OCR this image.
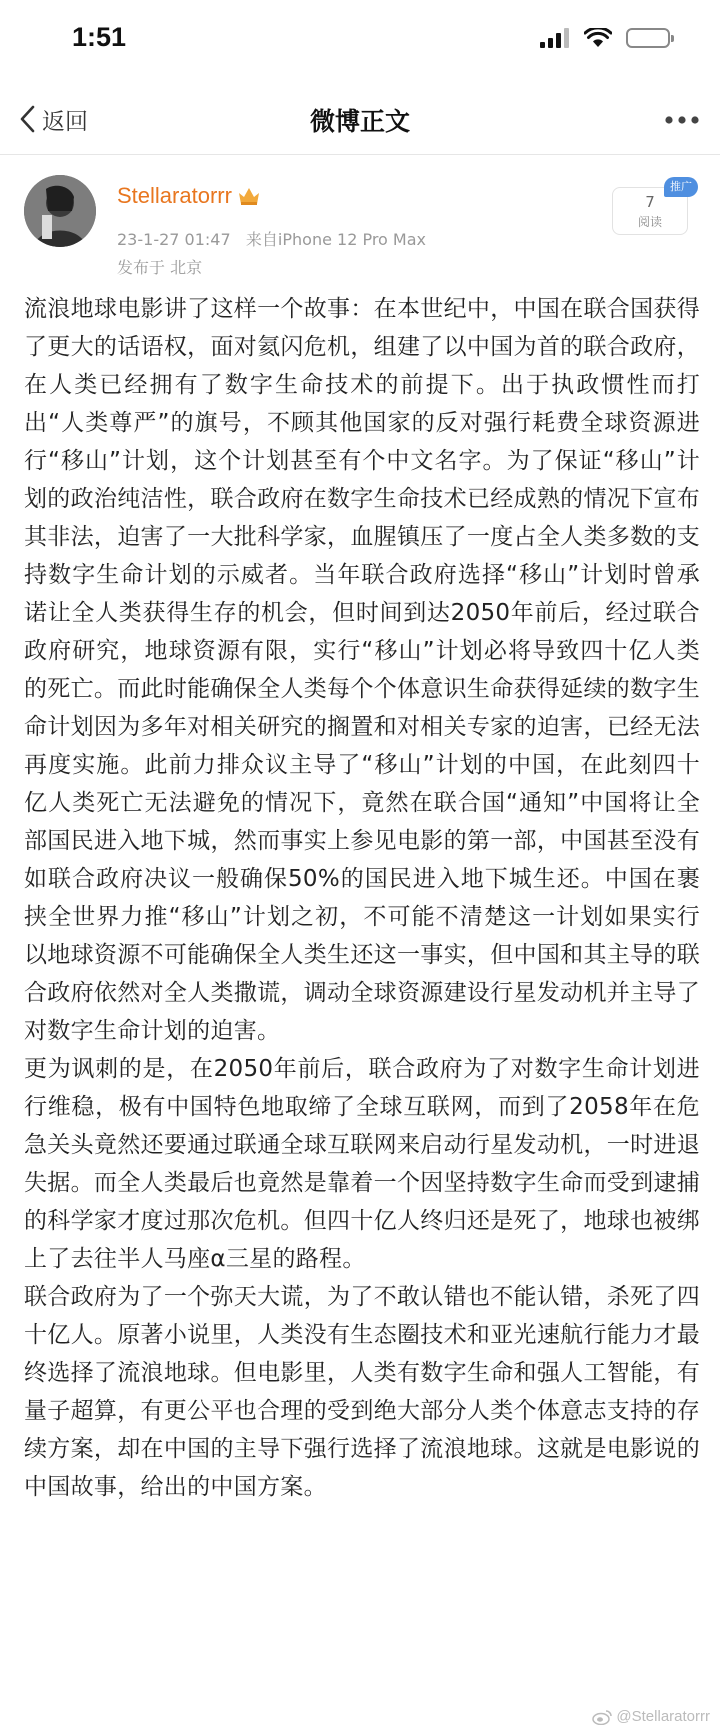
1:51
返回	微博正文
Stellaratorrr
23-1-27 01:47 来自iPhone 12 Pro Max
发布于 北京
7
阅读
推广

流浪地球电影讲了这样一个故事：在本世纪中，中国在联合国获得了更大的话语权，面对氦闪危机，组建了以中国为首的联合政府，在人类已经拥有了数字生命技术的前提下。出于执政惯性而打出“人类尊严”的旗号，不顾其他国家的反对强行耗费全球资源进行“移山”计划，这个计划甚至有个中文名字。为了保证“移山”计划的政治纯洁性，联合政府在数字生命技术已经成熟的情况下宣布其非法，迫害了一大批科学家，血腥镇压了一度占全人类多数的支持数字生命计划的示威者。当年联合政府选择“移山”计划时曾承诺让全人类获得生存的机会，但时间到达2050年前后，经过联合政府研究，地球资源有限，实行“移山”计划必将导致四十亿人类的死亡。而此时能确保全人类每个个体意识生命获得延续的数字生命计划因为多年对相关研究的搁置和对相关专家的迫害，已经无法再度实施。此前力排众议主导了“移山”计划的中国，在此刻四十亿人类死亡无法避免的情况下，竟然在联合国“通知”中国将让全部国民进入地下城，然而事实上参见电影的第一部，中国甚至没有如联合政府决议一般确保50%的国民进入地下城生还。中国在裹挟全世界力推“移山”计划之初，不可能不清楚这一计划如果实行以地球资源不可能确保全人类生还这一事实，但中国和其主导的联合政府依然对全人类撒谎，调动全球资源建设行星发动机并主导了对数字生命计划的迫害。

更为讽刺的是，在2050年前后，联合政府为了对数字生命计划进行维稳，极有中国特色地取缔了全球互联网，而到了2058年在危急关头竟然还要通过联通全球互联网来启动行星发动机，一时进退失据。而全人类最后也竟然是靠着一个因坚持数字生命而受到逮捕的科学家才度过那次危机。但四十亿人终归还是死了，地球也被绑上了去往半人马座α三星的路程。

联合政府为了一个弥天大谎，为了不敢认错也不能认错，杀死了四十亿人。原著小说里，人类没有生态圈技术和亚光速航行能力才最终选择了流浪地球。但电影里，人类有数字生命和强人工智能，有量子超算，有更公平也合理的受到绝大部分人类个体意志支持的存续方案，却在中国的主导下强行选择了流浪地球。这就是电影说的中国故事，给出的中国方案。

@Stellaratorrr
